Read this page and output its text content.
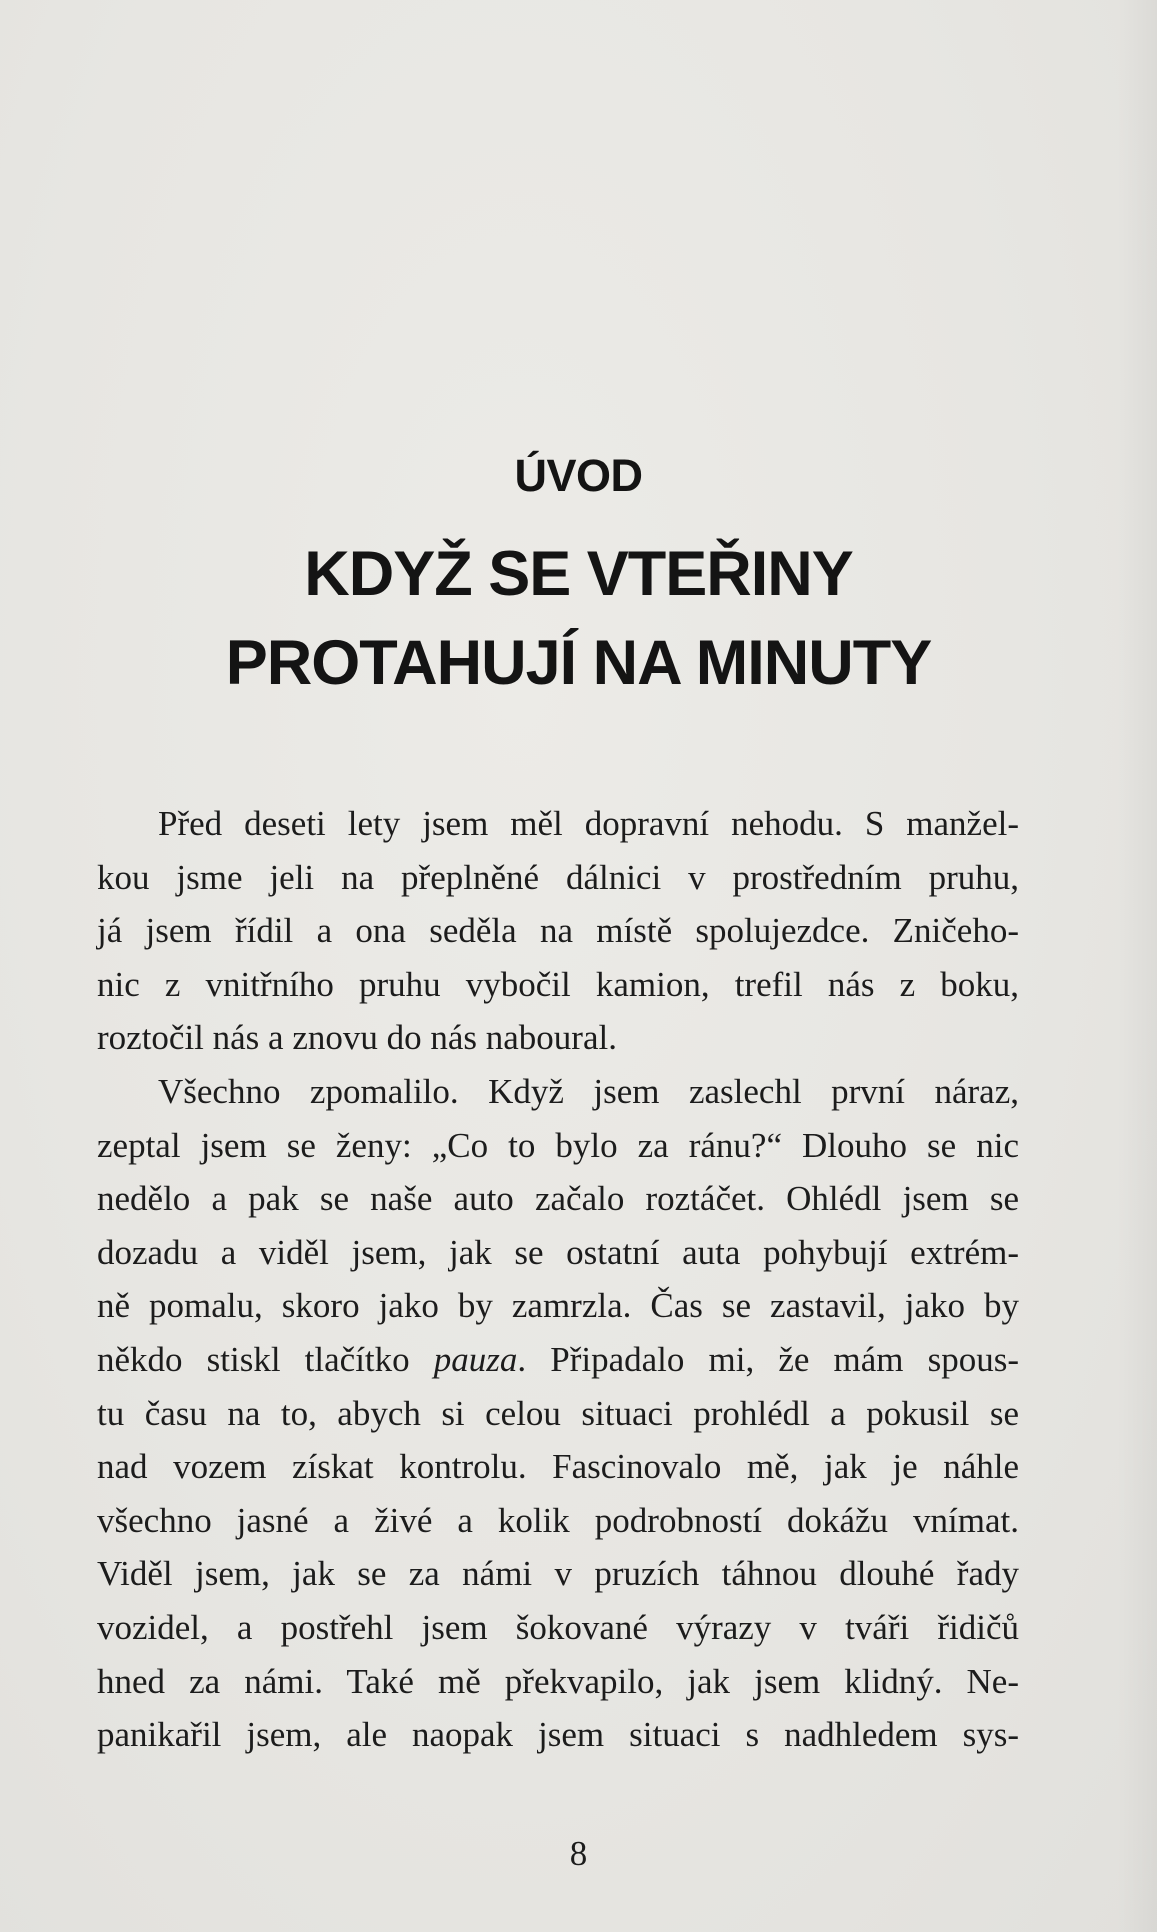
ÚVOD
KDYŽ SE VTEŘINY
PROTAHUJÍ NA MINUTY
Před deseti lety jsem měl dopravní nehodu. S manžel-
kou jsme jeli na přeplněné dálnici v prostředním pruhu,
já jsem řídil a ona seděla na místě spolujezdce. Zničeho-
nic z vnitřního pruhu vybočil kamion, trefil nás z boku,
roztočil nás a znovu do nás naboural.
Všechno zpomalilo. Když jsem zaslechl první náraz,
zeptal jsem se ženy: „Co to bylo za ránu?“ Dlouho se nic
nedělo a pak se naše auto začalo roztáčet. Ohlédl jsem se
dozadu a viděl jsem, jak se ostatní auta pohybují extrém-
ně pomalu, skoro jako by zamrzla. Čas se zastavil, jako by
někdo stiskl tlačítko pauza. Připadalo mi, že mám spous-
tu času na to, abych si celou situaci prohlédl a pokusil se
nad vozem získat kontrolu. Fascinovalo mě, jak je náhle
všechno jasné a živé a kolik podrobností dokážu vnímat.
Viděl jsem, jak se za námi v pruzích táhnou dlouhé řady
vozidel, a postřehl jsem šokované výrazy v tváři řidičů
hned za námi. Také mě překvapilo, jak jsem klidný. Ne-
panikařil jsem, ale naopak jsem situaci s nadhledem sys-
8
